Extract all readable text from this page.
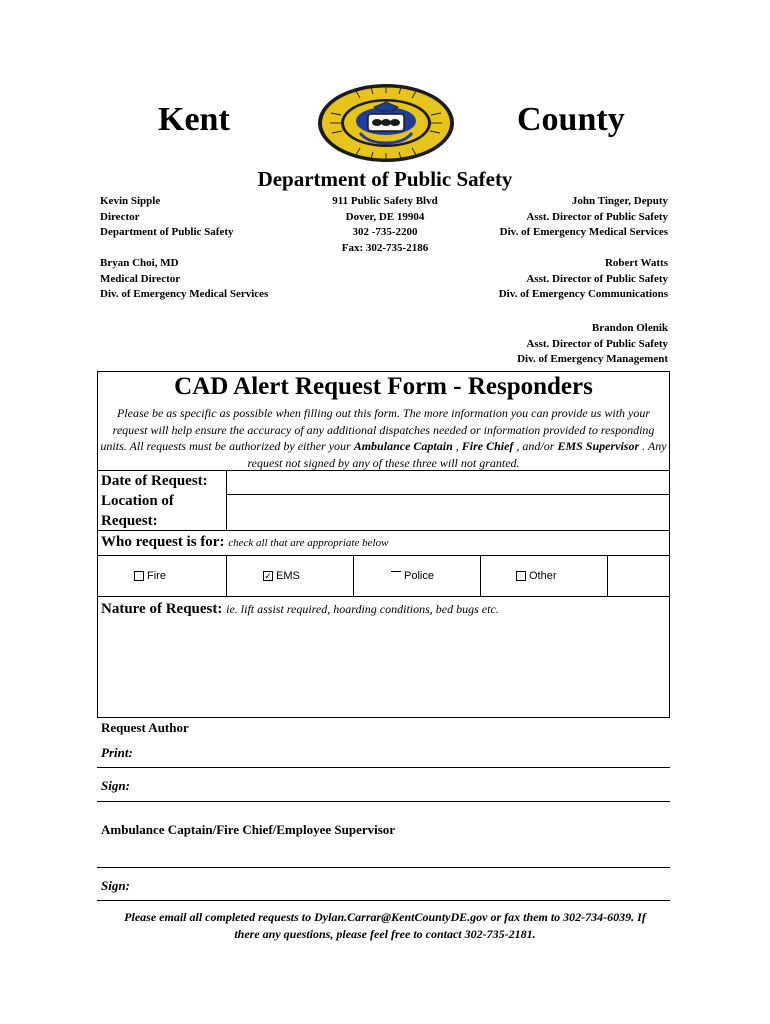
Kent	County
Department of Public Safety
Kevin Sipple
Director
Department of Public Safety
911 Public Safety Blvd
Dover, DE 19904
302 -735-2200
Fax: 302-735-2186
John Tinger, Deputy
Asst. Director of Public Safety
Div. of Emergency Medical Services
Bryan Choi, MD
Medical Director
Div. of Emergency Medical Services
Robert Watts
Asst. Director of Public Safety
Div. of Emergency Communications
Brandon Olenik
Asst. Director of Public Safety
Div. of Emergency Management
CAD Alert Request Form - Responders
Please be as specific as possible when filling out this form. The more information you can provide us with your request will help ensure the accuracy of any additional dispatches needed or information provided to responding units. All requests must be authorized by either your Ambulance Captain , Fire Chief , and/or EMS Supervisor . Any request not signed by any of these three will not granted.
Date of Request:
Location of
Request:
Who request is for: check all that are appropriate below
Fire	✓ EMS	Police	Other
Nature of Request: ie. lift assist required, hoarding conditions, bed bugs etc.
Request Author
Print:
Sign:
Ambulance Captain/Fire Chief/Employee Supervisor
Sign:
Please email all completed requests to Dylan.Carrar@KentCountyDE.gov or fax them to 302-734-6039. If
there any questions, please feel free to contact 302-735-2181.
